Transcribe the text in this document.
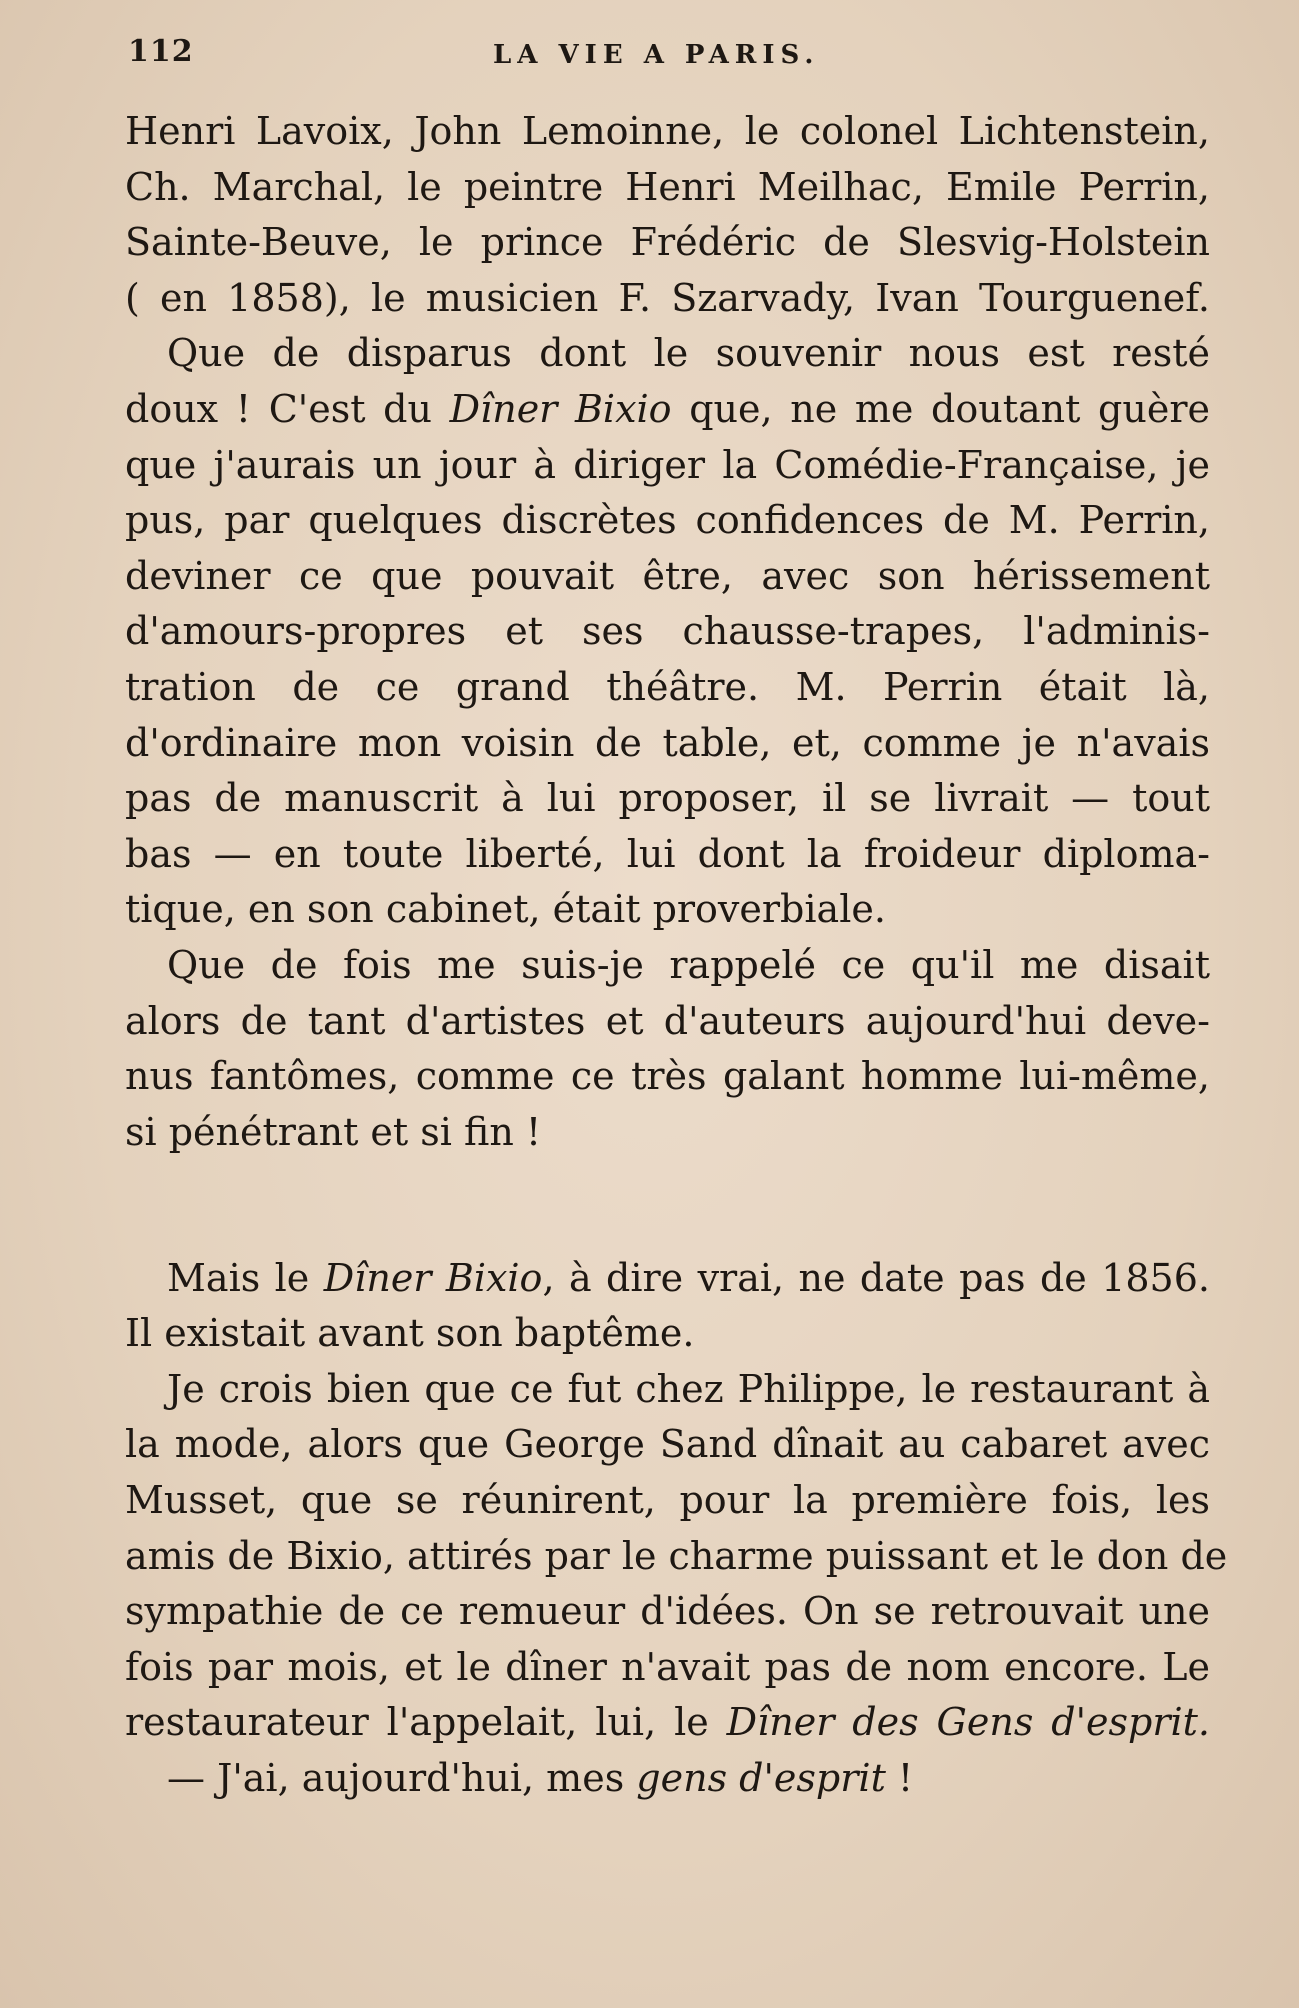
112	LA VIE A PARIS.
Henri Lavoix, John Lemoinne, le colonel Lichtenstein,
Ch. Marchal, le peintre Henri Meilhac, Emile Perrin,
Sainte-Beuve, le prince Frédéric de Slesvig-Holstein
( en 1858), le musicien F. Szarvady, Ivan Tourguenef.
Que de disparus dont le souvenir nous est resté
doux ! C'est du Dîner Bixio que, ne me doutant guère
que j'aurais un jour à diriger la Comédie-Française, je
pus, par quelques discrètes confidences de M. Perrin,
deviner ce que pouvait être, avec son hérissement
d'amours-propres et ses chausse-trapes, l'adminis-
tration de ce grand théâtre. M. Perrin était là,
d'ordinaire mon voisin de table, et, comme je n'avais
pas de manuscrit à lui proposer, il se livrait — tout
bas — en toute liberté, lui dont la froideur diploma-
tique, en son cabinet, était proverbiale.
Que de fois me suis-je rappelé ce qu'il me disait
alors de tant d'artistes et d'auteurs aujourd'hui deve-
nus fantômes, comme ce très galant homme lui-même,
si pénétrant et si fin !
Mais le Dîner Bixio, à dire vrai, ne date pas de 1856.
Il existait avant son baptême.
Je crois bien que ce fut chez Philippe, le restaurant à
la mode, alors que George Sand dînait au cabaret avec
Musset, que se réunirent, pour la première fois, les
amis de Bixio, attirés par le charme puissant et le don de
sympathie de ce remueur d'idées. On se retrouvait une
fois par mois, et le dîner n'avait pas de nom encore. Le
restaurateur l'appelait, lui, le Dîner des Gens d'esprit.
— J'ai, aujourd'hui, mes gens d'esprit !
